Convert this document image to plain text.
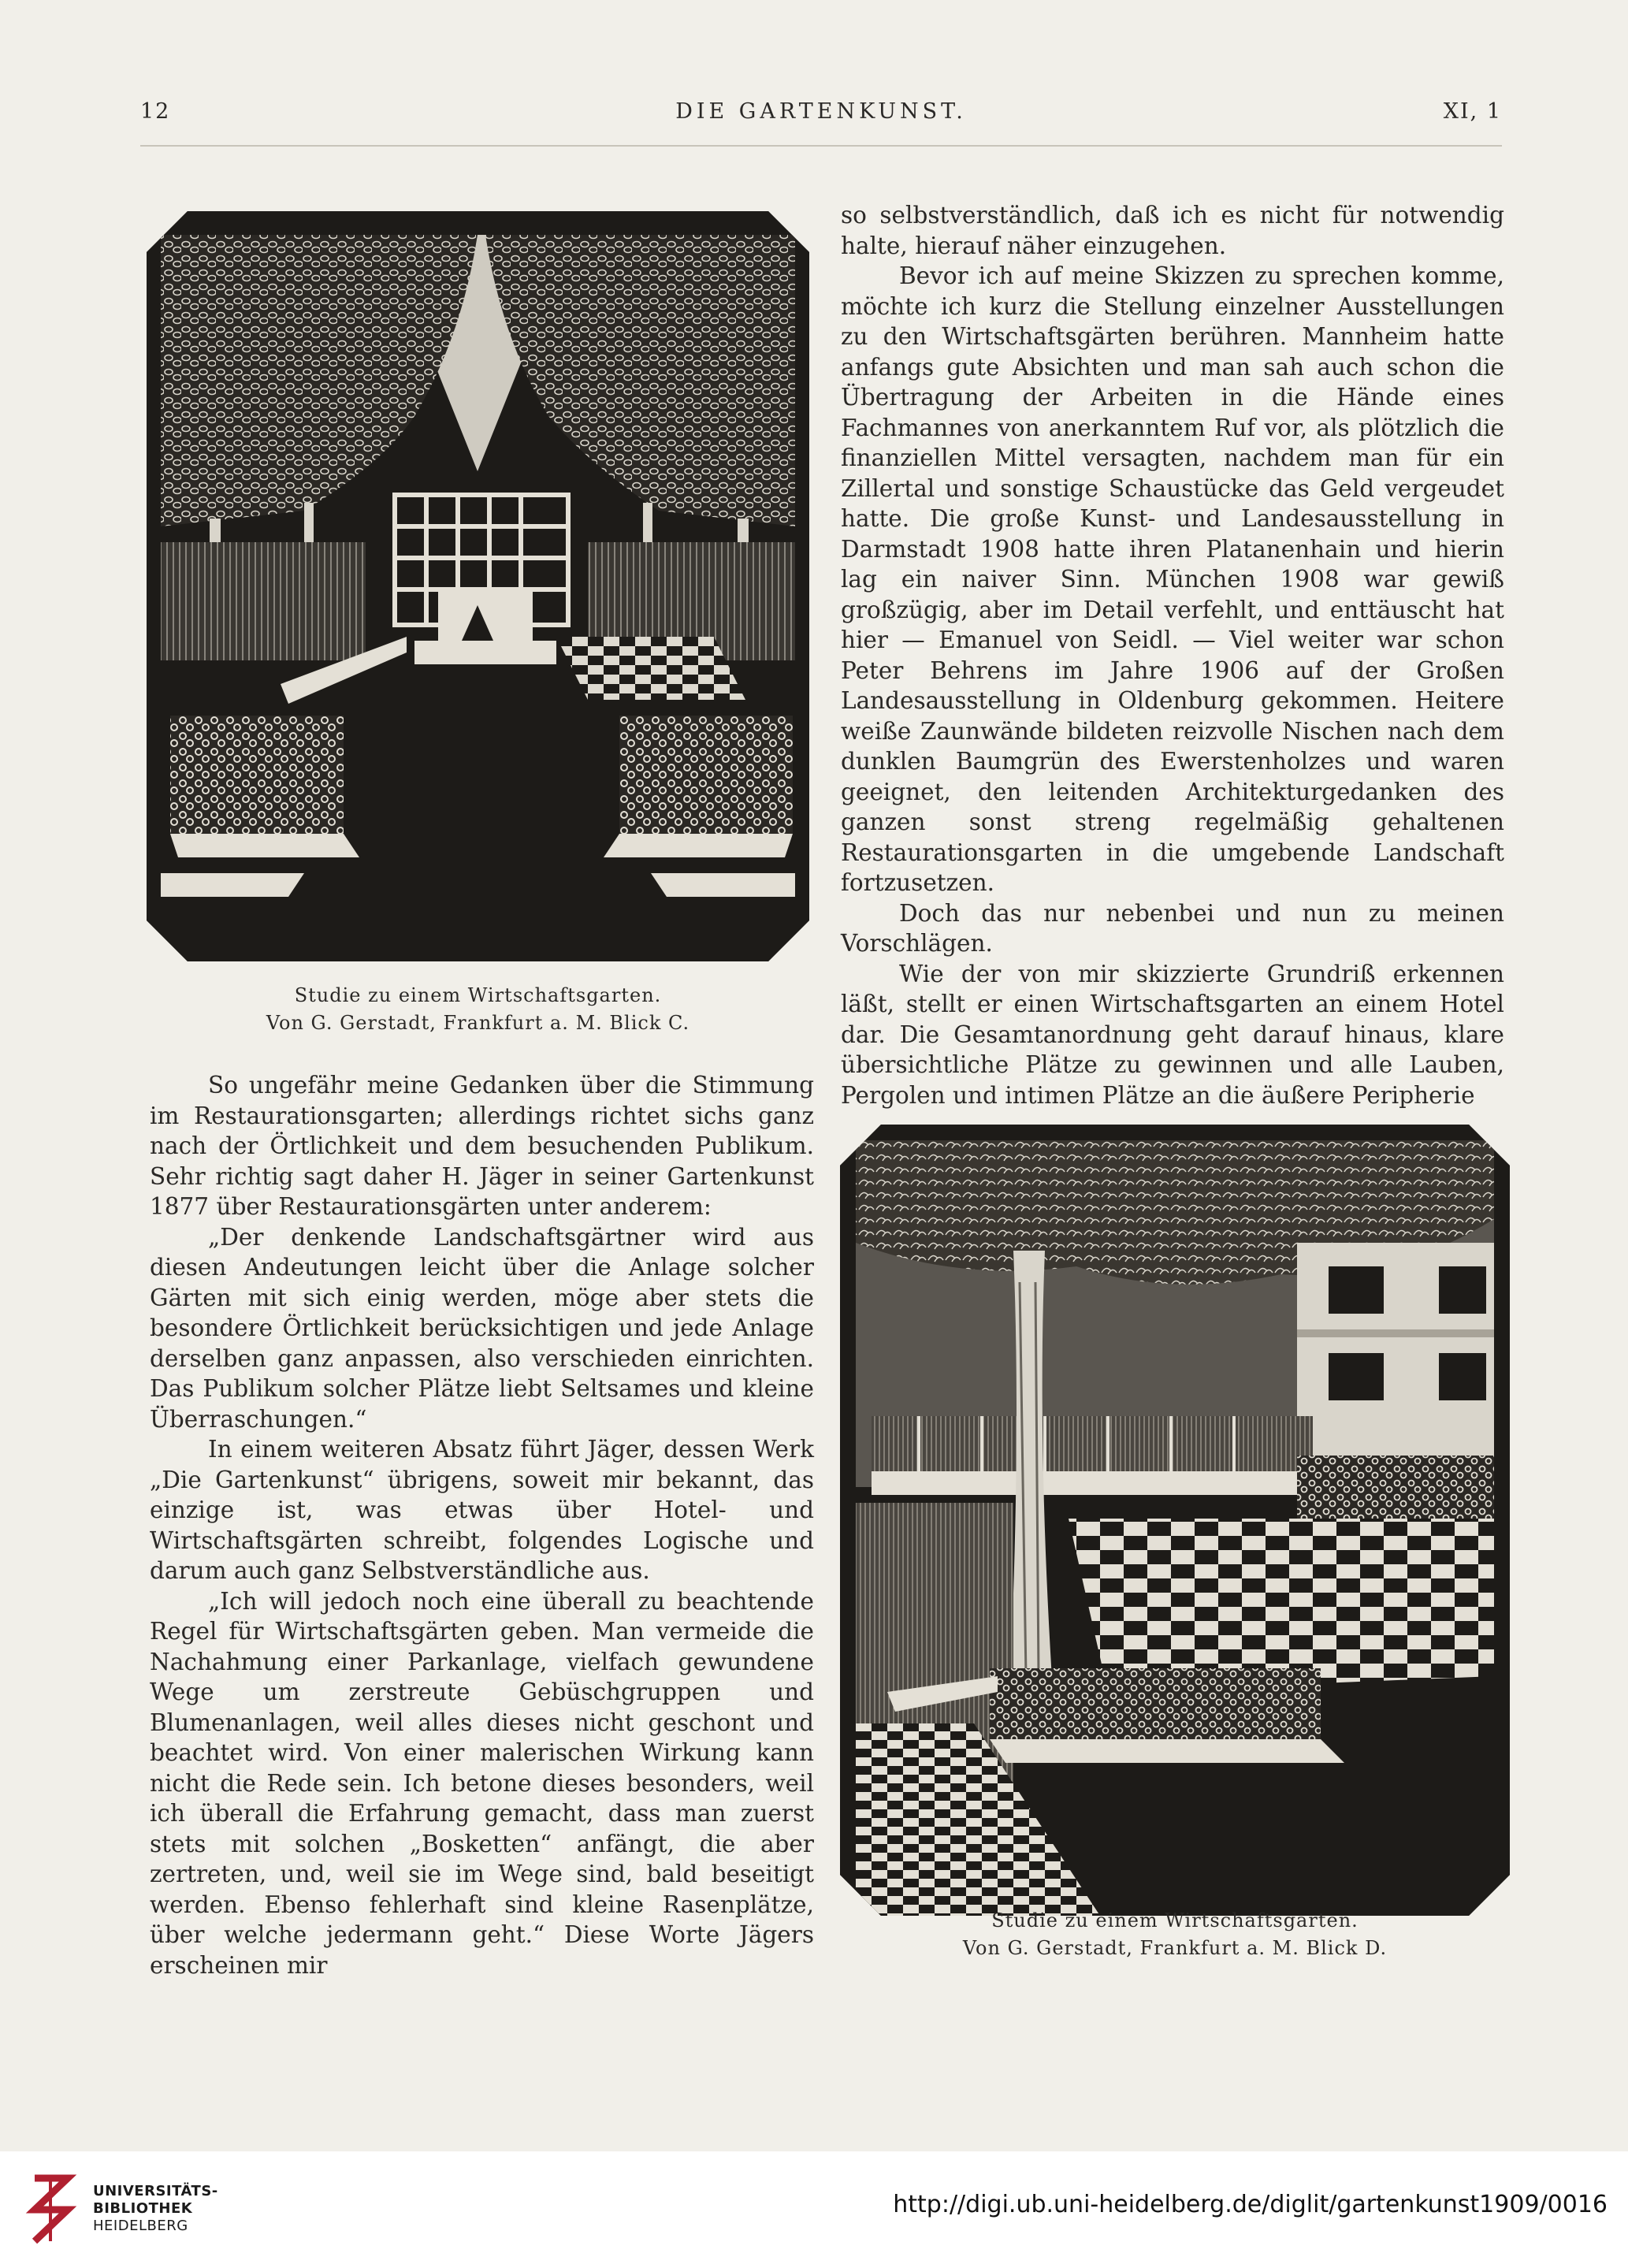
12	DIE GARTENKUNST.	XI, 1
Studie zu einem Wirtschaftsgarten.
Von G. Gerstadt, Frankfurt a. M. Blick C.
Studie zu einem Wirtschaftsgarten.
Von G. Gerstadt, Frankfurt a. M. Blick D.

So ungefähr meine Gedanken über die Stimmung im Restaurationsgarten; allerdings richtet sichs ganz nach der Örtlichkeit und dem besuchenden Publikum. Sehr richtig sagt daher H. Jäger in seiner Gartenkunst 1877 über Restaurationsgärten unter anderem:

„Der denkende Landschaftsgärtner wird aus diesen Andeutungen leicht über die Anlage solcher Gärten mit sich einig werden, möge aber stets die besondere Örtlichkeit berücksichtigen und jede Anlage derselben ganz anpassen, also verschieden einrichten. Das Publikum solcher Plätze liebt Seltsames und kleine Überraschungen.“

In einem weiteren Absatz führt Jäger, dessen Werk „Die Gartenkunst“ übrigens, soweit mir bekannt, das einzige ist, was etwas über Hotel- und Wirtschaftsgärten schreibt, folgendes Logische und darum auch ganz Selbstverständliche aus.

„Ich will jedoch noch eine überall zu beachtende Regel für Wirtschaftsgärten geben. Man vermeide die Nachahmung einer Parkanlage, vielfach gewundene Wege um zerstreute Gebüschgruppen und Blumenanlagen, weil alles dieses nicht geschont und beachtet wird. Von einer malerischen Wirkung kann nicht die Rede sein. Ich betone dieses besonders, weil ich überall die Erfahrung gemacht, dass man zuerst stets mit solchen „Bosketten“ anfängt, die aber zertreten, und, weil sie im Wege sind, bald beseitigt werden. Ebenso fehlerhaft sind kleine Rasenplätze, über welche jedermann geht.“ Diese Worte Jägers erscheinen mir

so selbstverständlich, daß ich es nicht für notwendig halte, hierauf näher einzugehen.

Bevor ich auf meine Skizzen zu sprechen komme, möchte ich kurz die Stellung einzelner Ausstellungen zu den Wirtschaftsgärten berühren. Mannheim hatte anfangs gute Absichten und man sah auch schon die Übertragung der Arbeiten in die Hände eines Fachmannes von anerkanntem Ruf vor, als plötzlich die finanziellen Mittel versagten, nachdem man für ein Zillertal und sonstige Schaustücke das Geld vergeudet hatte. Die große Kunst- und Landesausstellung in Darmstadt 1908 hatte ihren Platanenhain und hierin lag ein naiver Sinn. München 1908 war gewiß großzügig, aber im Detail verfehlt, und enttäuscht hat hier — Emanuel von Seidl. — Viel weiter war schon Peter Behrens im Jahre 1906 auf der Großen Landesausstellung in Oldenburg gekommen. Heitere weiße Zaunwände bildeten reizvolle Nischen nach dem dunklen Baumgrün des Ewerstenholzes und waren geeignet, den leitenden Architekturgedanken des ganzen sonst streng regelmäßig gehaltenen Restaurationsgarten in die umgebende Landschaft fortzusetzen.

Doch das nur nebenbei und nun zu meinen Vorschlägen.

Wie der von mir skizzierte Grundriß erkennen läßt, stellt er einen Wirtschaftsgarten an einem Hotel dar. Die Gesamtanordnung geht darauf hinaus, klare übersichtliche Plätze zu gewinnen und alle Lauben, Pergolen und intimen Plätze an die äußere Peripherie

UNIVERSITÄTS-
BIBLIOTHEK
HEIDELBERG
http://digi.ub.uni-heidelberg.de/diglit/gartenkunst1909/0016
